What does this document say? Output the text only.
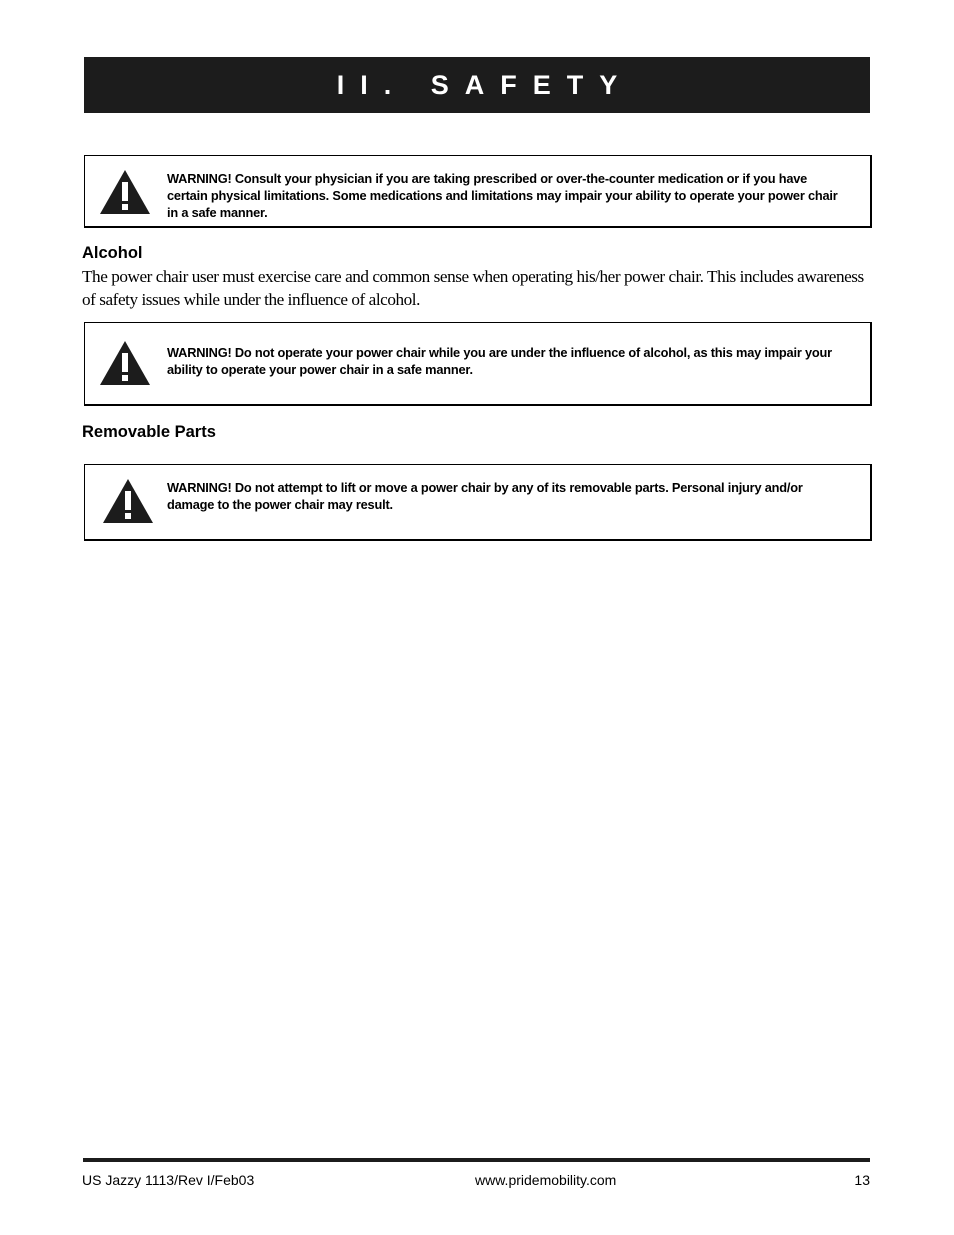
II. SAFETY
WARNING! Consult your physician if you are taking prescribed or over-the-counter medication or if you have certain physical limitations. Some medications and limitations may impair your ability to operate your power chair in a safe manner.
Alcohol
The power chair user must exercise care and common sense when operating his/her power chair. This includes awareness of safety issues while under the influence of alcohol.
WARNING! Do not operate your power chair while you are under the influence of alcohol, as this may impair your ability to operate your power chair in a safe manner.
Removable Parts
WARNING! Do not attempt to lift or move a power chair by any of its removable parts. Personal injury and/or damage to the power chair may result.
US Jazzy 1113/Rev I/Feb03	www.pridemobility.com	13
